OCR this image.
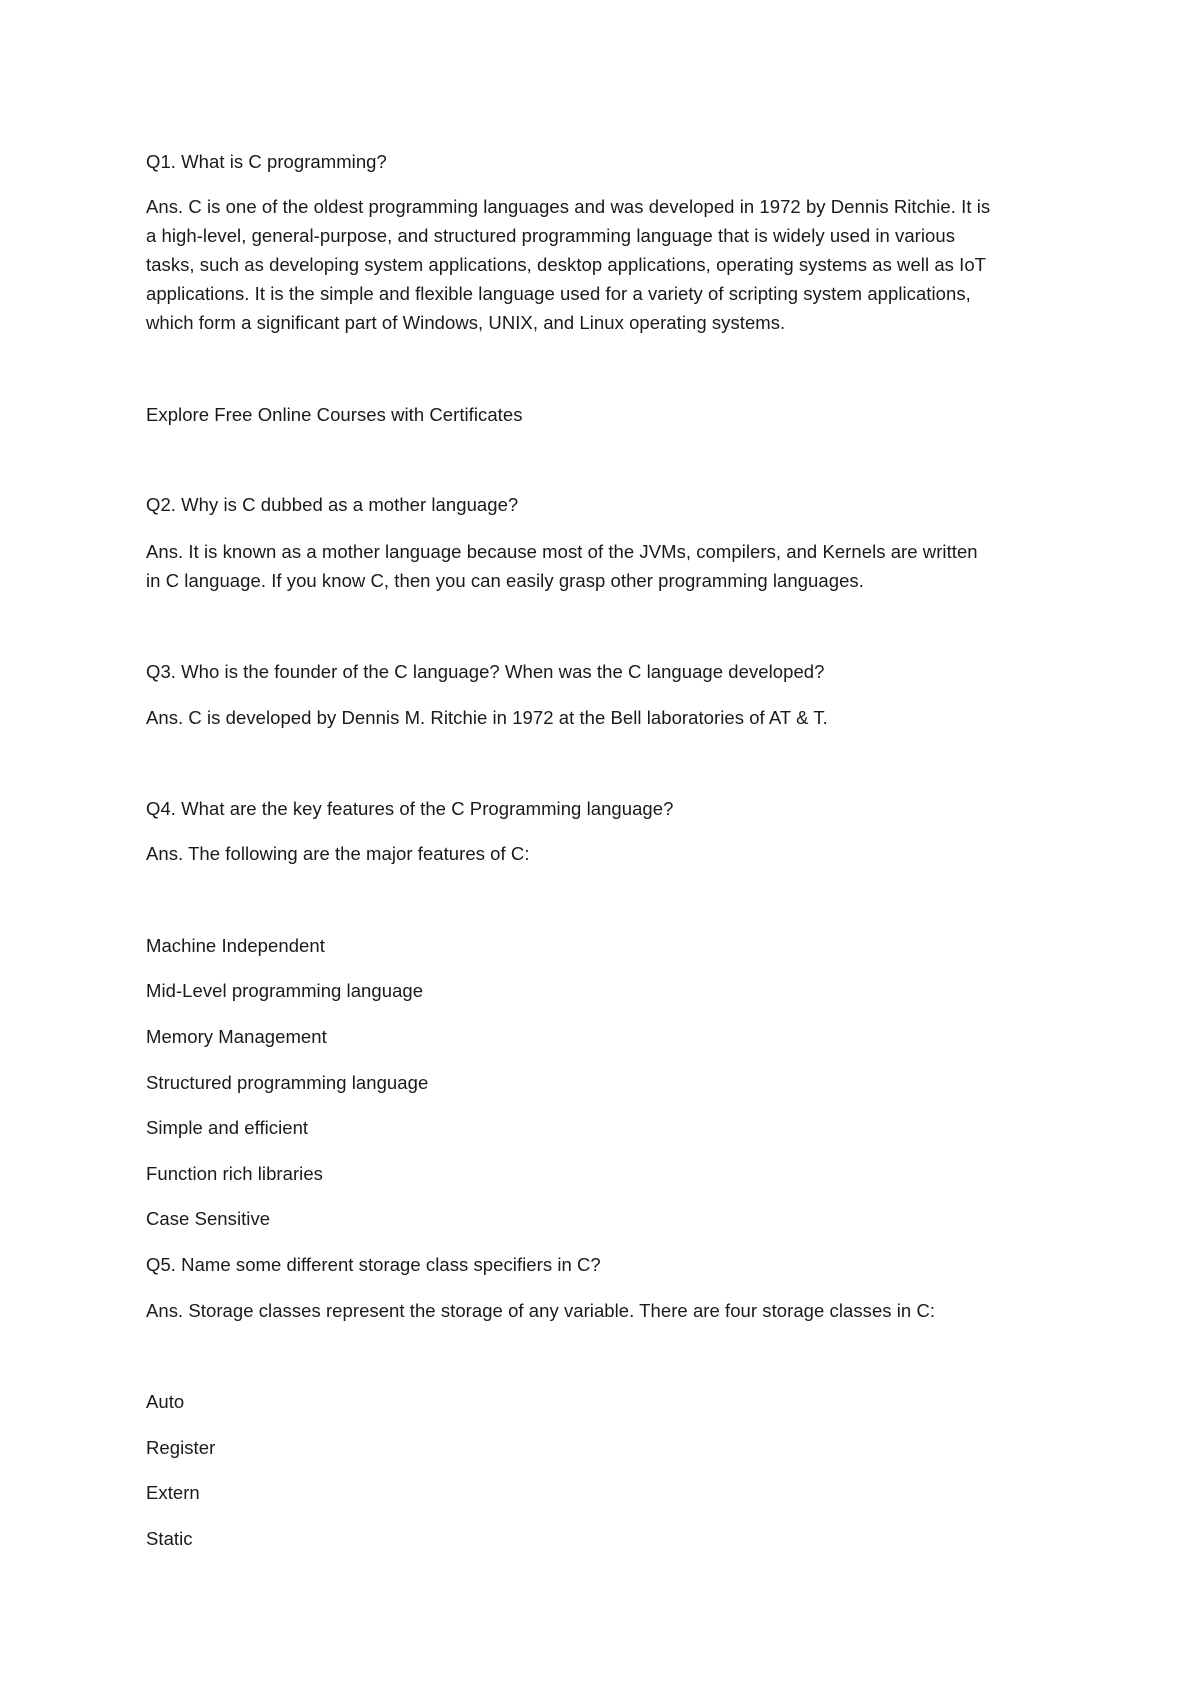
Q1. What is C programming?
Ans. C is one of the oldest programming languages and was developed in 1972 by Dennis Ritchie. It is
a high-level, general-purpose, and structured programming language that is widely used in various
tasks, such as developing system applications, desktop applications, operating systems as well as IoT
applications. It is the simple and flexible language used for a variety of scripting system applications,
which form a significant part of Windows, UNIX, and Linux operating systems.
Explore Free Online Courses with Certificates
Q2. Why is C dubbed as a mother language?
Ans. It is known as a mother language because most of the JVMs, compilers, and Kernels are written
in C language. If you know C, then you can easily grasp other programming languages.
Q3. Who is the founder of the C language? When was the C language developed?
Ans. C is developed by Dennis M. Ritchie in 1972 at the Bell laboratories of AT & T.
Q4. What are the key features of the C Programming language?
Ans. The following are the major features of C:
Machine Independent
Mid-Level programming language
Memory Management
Structured programming language
Simple and efficient
Function rich libraries
Case Sensitive
Q5. Name some different storage class specifiers in C?
Ans. Storage classes represent the storage of any variable. There are four storage classes in C:
Auto
Register
Extern
Static
